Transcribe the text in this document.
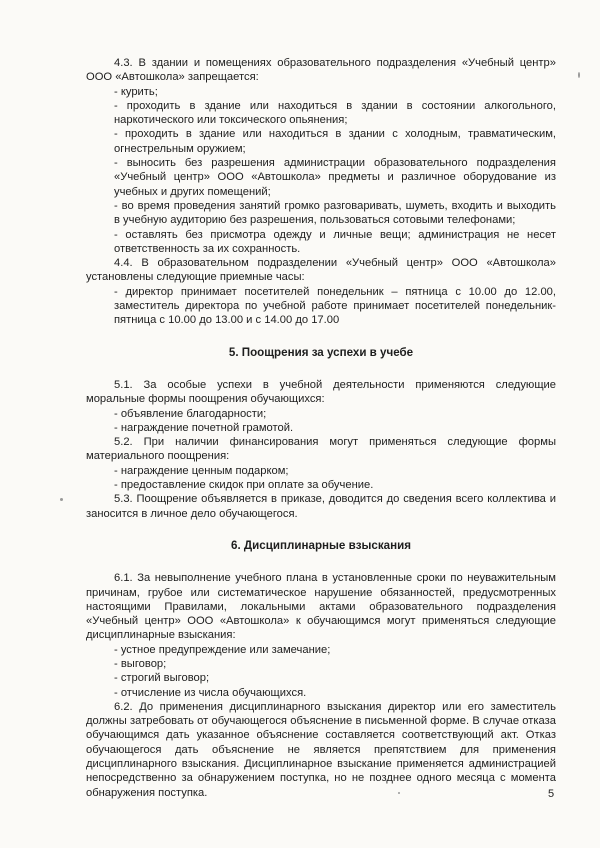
4.3. В здании и помещениях образовательного подразделения «Учебный центр» ООО «Автошкола» запрещается:

- курить;

- проходить в здание или находиться в здании в состоянии алкогольного, наркотического или токсического опьянения;

- проходить в здание или находиться в здании с холодным, травматическим, огнестрельным оружием;

- выносить без разрешения администрации образовательного подразделения «Учебный центр» ООО «Автошкола» предметы и различное оборудование из учебных и других помещений;

- во время проведения занятий громко разговаривать, шуметь, входить и выходить в учебную аудиторию без разрешения, пользоваться сотовыми телефонами;

- оставлять без присмотра одежду и личные вещи; администрация не несет ответственность за их сохранность.

4.4. В образовательном подразделении «Учебный центр» ООО «Автошкола» установлены следующие приемные часы:

- директор принимает посетителей понедельник – пятница с 10.00 до 12.00, заместитель директора по учебной работе принимает посетителей понедельник-пятница с 10.00 до 13.00 и с 14.00 до 17.00

5. Поощрения за успехи в учебе

5.1. За особые успехи в учебной деятельности применяются следующие моральные формы поощрения обучающихся:

- объявление благодарности;

- награждение почетной грамотой.

5.2. При наличии финансирования могут применяться следующие формы материального поощрения:

- награждение ценным подарком;

- предоставление скидок при оплате за обучение.

5.3. Поощрение объявляется в приказе, доводится до сведения всего коллектива и заносится в личное дело обучающегося.

6. Дисциплинарные взыскания

6.1. За невыполнение учебного плана в установленные сроки по неуважительным причинам, грубое или систематическое нарушение обязанностей, предусмотренных настоящими Правилами, локальными актами образовательного подразделения «Учебный центр» ООО «Автошкола» к обучающимся могут применяться следующие дисциплинарные взыскания:

- устное предупреждение или замечание;

- выговор;

- строгий выговор;

- отчисление из числа обучающихся.

6.2. До применения дисциплинарного взыскания директор или его заместитель должны затребовать от обучающегося объяснение в письменной форме. В случае отказа обучающимся дать указанное объяснение составляется соответствующий акт. Отказ обучающегося дать объяснение не является препятствием для применения дисциплинарного взыскания. Дисциплинарное взыскание применяется администрацией непосредственно за обнаружением поступка, но не позднее одного месяца с момента обнаружения поступка.	5
